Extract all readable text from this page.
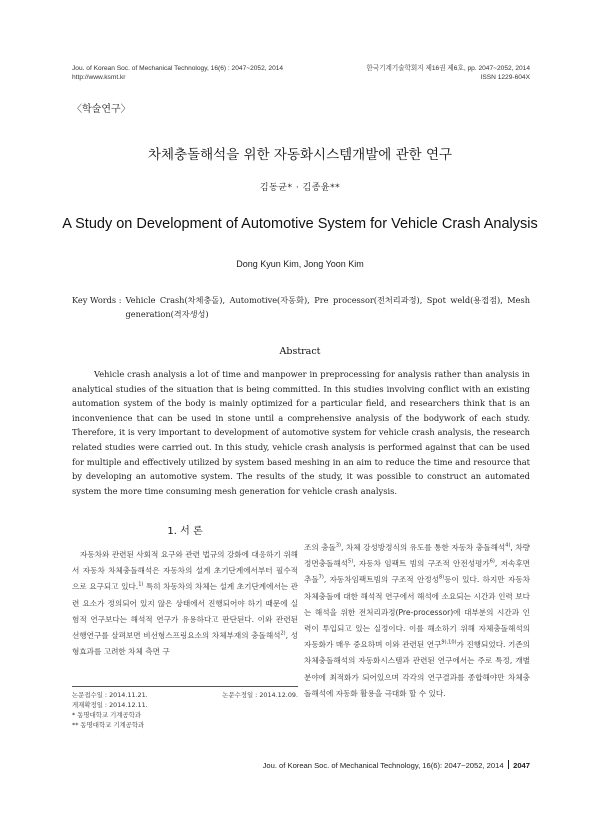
Jou. of Korean Soc. of Mechanical Technology, 16(6) : 2047~2052, 2014
http://www.ksmt.kr
한국기계기술학회지 제16권 제6호, pp. 2047~2052, 2014
ISSN 1229-604X
〈학술연구〉
차체충돌해석을 위한 자동화시스템개발에 관한 연구
김동균* · 김종윤**
A Study on Development of Automotive System for Vehicle Crash Analysis
Dong Kyun Kim, Jong Yoon Kim
Key Words : Vehicle Crash(차체충돌), Automotive(자동화), Pre processor(전처리과정), Spot weld(용접점), Mesh generation(격자생성)
Abstract

Vehicle crash analysis a lot of time and manpower in preprocessing for analysis rather than analysis in analytical studies of the situation that is being committed. In this studies involving conflict with an existing automation system of the body is mainly optimized for a particular field, and researchers think that is an inconvenience that can be used in stone until a comprehensive analysis of the bodywork of each study. Therefore, it is very important to development of automotive system for vehicle crash analysis, the research related studies were carried out. In this study, vehicle crash analysis is performed against that can be used for multiple and effectively utilized by system based meshing in an aim to reduce the time and resource that by developing an automotive system. The results of the study, it was possible to construct an automated system the more time consuming mesh generation for vehicle crash analysis.

1. 서 론

자동차와 관련된 사회적 요구와 관련 법규의 강화에 대응하기 위해서 자동차 차체충돌해석은 자동차의 설계 초기단계에서부터 필수적으로 요구되고 있다.$^{1)}$ 특히 차동차의 차체는 설계 초기단계에서는 관련 요소가 정의되어 있지 않은 상태에서 진행되어야 하기 때문에 실험적 연구보다는 해석적 연구가 유용하다고 판단된다. 이와 관련된 선행연구를 살펴보면 비선형스프링요소의 차체부재의 충돌해석$^{2)}$, 성형효과를 고려한 차체 측면 구

조의 충돌$^{3)}$, 차체 강성방정식의 유도를 통한 자동차 충돌해석$^{4)}$, 차량정면충돌해석$^{5)}$, 자동차 임팩트 빔의 구조적 안전성평가$^{6)}$, 저속후면 추돌$^{7)}$, 자동차임팩트빔의 구조적 안정성$^{8)}$등이 있다. 하지만 자동차 차체충돌에 대한 해석적 연구에서 해석에 소요되는 시간과 인력 보다는 해석을 위한 전처리과정(Pre-processor)에 대부분의 시간과 인력이 투입되고 있는 실정이다. 이를 해소하기 위해 자체충돌해석의 자동화가 매우 중요하며 이와 관련된 연구$^{9),10)}$가 진행되었다. 기존의 차체충돌해석의 자동화시스템과 관련된 연구에서는 주로 특정, 개별 분야에 최적화가 되어있으며 각각의 연구결과를 종합해야만 차체충돌해석에 자동화 활용을 극대화 할 수 있다.

논문접수일 : 2014.11.21.	논문수정일 : 2014.12.09.
게재확정일 : 2014.12.11.
* 동명대학교 기계공학과
** 동명대학교 기계공학과
Jou. of Korean Soc. of Mechanical Technology, 16(6): 2047~2052, 2014 2047
